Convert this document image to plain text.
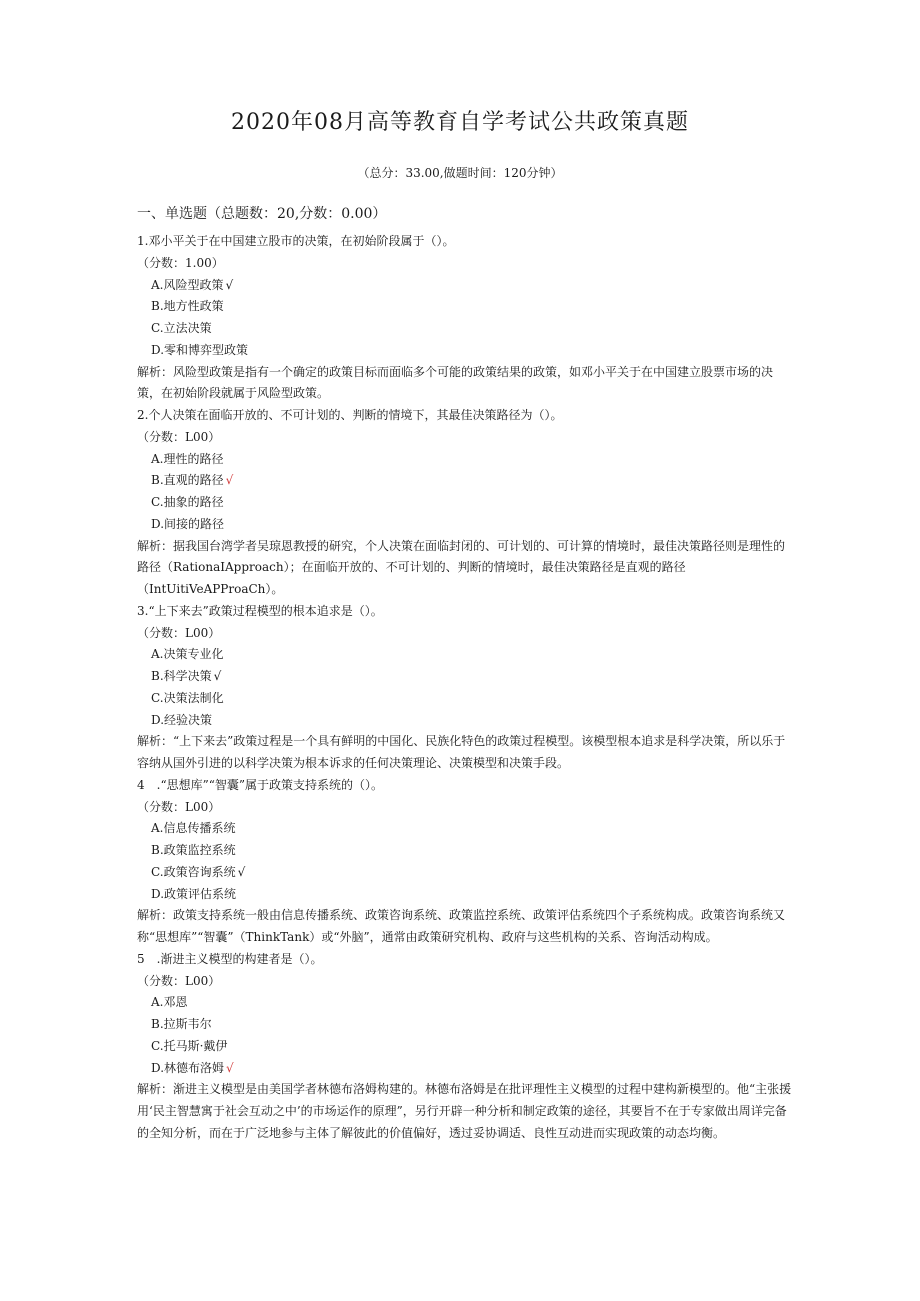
2020年08月高等教育自学考试公共政策真题
（总分：33.00,做题时间：120分钟）
一、单选题（总题数：20,分数：0.00）
1.邓小平关于在中国建立股市的决策，在初始阶段属于（）。
（分数：1.00）
A.风险型政策 √
B.地方性政策
C.立法决策
D.零和博弈型政策
解析：风险型政策是指有一个确定的政策目标而面临多个可能的政策结果的政策，如邓小平关于在中国建立股票市场的决策，在初始阶段就属于风险型政策。
2.个人决策在面临开放的、不可计划的、判断的情境下，其最佳决策路径为（）。
（分数：L00）
A.理性的路径
B.直观的路径 √
C.抽象的路径
D.间接的路径
解析：据我国台湾学者吴琼恩教授的研究，个人决策在面临封闭的、可计划的、可计算的情境时，最佳决策路径则是理性的路径（RationaIApproach）；在面临开放的、不可计划的、判断的情境时，最佳决策路径是直观的路径（IntUitiVeAPProaCh）。
3.“上下来去”政策过程模型的根本追求是（）。
（分数：L00）
A.决策专业化
B.科学决策 √
C.决策法制化
D.经验决策
解析：“上下来去”政策过程是一个具有鲜明的中国化、民族化特色的政策过程模型。该模型根本追求是科学决策，所以乐于容纳从国外引进的以科学决策为根本诉求的任何决策理论、决策模型和决策手段。
4　.“思想库”“智囊”属于政策支持系统的（）。
（分数：L00）
A.信息传播系统
B.政策监控系统
C.政策咨询系统 √
D.政策评估系统
解析：政策支持系统一般由信息传播系统、政策咨询系统、政策监控系统、政策评估系统四个子系统构成。政策咨询系统又称“思想库”“智囊”（ThinkTank）或“外脑”，通常由政策研究机构、政府与这些机构的关系、咨询活动构成。
5　.渐进主义模型的构建者是（）。
（分数：L00）
A.邓恩
B.拉斯韦尔
C.托马斯·戴伊
D.林德布洛姆 √
解析：渐进主义模型是由美国学者林德布洛姆构建的。林德布洛姆是在批评理性主义模型的过程中建构新模型的。他“主张援用‘民主智慧寓于社会互动之中’的市场运作的原理”，另行开辟一种分析和制定政策的途径，其要旨不在于专家做出周详完备的全知分析，而在于广泛地参与主体了解彼此的价值偏好，透过妥协调适、良性互动进而实现政策的动态均衡。
